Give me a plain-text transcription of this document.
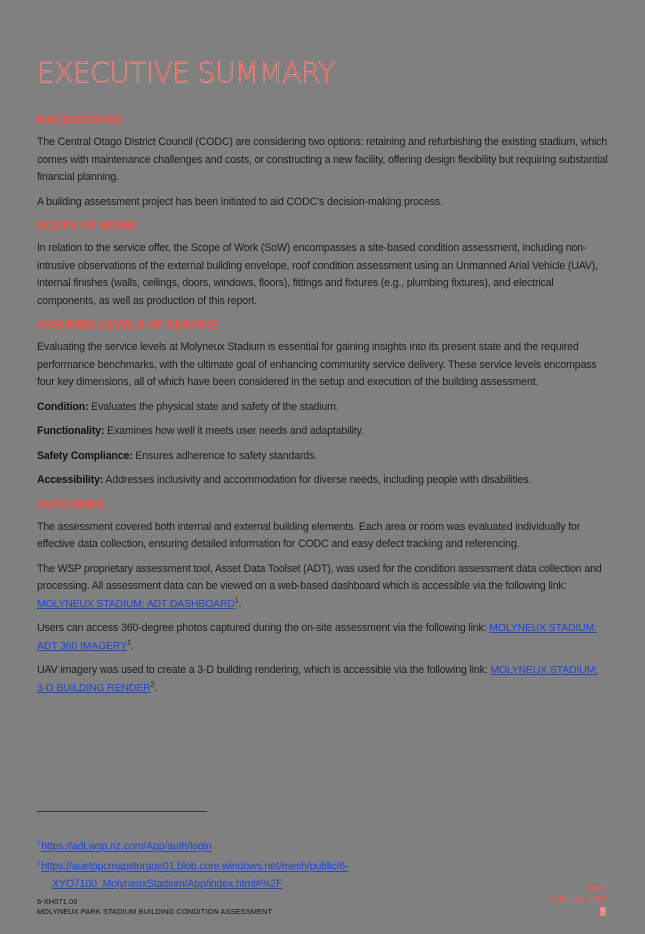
EXECUTIVE SUMMARY
BACKGROUND

The Central Otago District Council (CODC) are considering two options: retaining and refurbishing the existing stadium, which comes with maintenance challenges and costs, or constructing a new facility, offering design flexibility but requiring substantial financial planning.

A building assessment project has been initiated to aid CODC's decision-making process.

SCOPE OF WORK

In relation to the service offer, the Scope of Work (SoW) encompasses a site-based condition assessment, including non-intrusive observations of the external building envelope, roof condition assessment using an Unmanned Arial Vehicle (UAV), internal finishes (walls, ceilings, doors, windows, floors), fittings and fixtures (e.g., plumbing fixtures), and electrical components, as well as production of this report.

ASSUMED LEVELS OF SERVICE

Evaluating the service levels at Molyneux Stadium is essential for gaining insights into its present state and the required performance benchmarks, with the ultimate goal of enhancing community service delivery. These service levels encompass four key dimensions, all of which have been considered in the setup and execution of the building assessment.

Condition: Evaluates the physical state and safety of the stadium.

Functionality: Examines how well it meets user needs and adaptability.

Safety Compliance: Ensures adherence to safety standards.

Accessibility: Addresses inclusivity and accommodation for diverse needs, including people with disabilities.

OUTCOMES

The assessment covered both internal and external building elements. Each area or room was evaluated individually for effective data collection, ensuring detailed information for CODC and easy defect tracking and referencing.

The WSP proprietary assessment tool, Asset Data Toolset (ADT), was used for the condition assessment data collection and processing. All assessment data can be viewed on a web-based dashboard which is accessible via the following link: MOLYNEUX STADIUM: ADT DASHBOARD$^1$.

Users can access 360-degree photos captured during the on-site assessment via the following link: MOLYNEUX STADIUM: ADT 360 IMAGERY$^1$.

UAV imagery was used to create a 3-D building rendering, which is accessible via the following link: MOLYNEUX STADIUM: 3-D BUILDING RENDER$^2$.

$^1$https://adt.wsp.nz.com/App/auth/login

$^2$https://auetopcmapstorage01.blob.core.windows.net/mesh/public/6-
XYO7100_MolyneuxStadium/App/index.html#%2F

6-XH071.00
MOLYNEUX PARK STADIUM BUILDING CONDITION ASSESSMENT
WSP
8 January 2024
iii
